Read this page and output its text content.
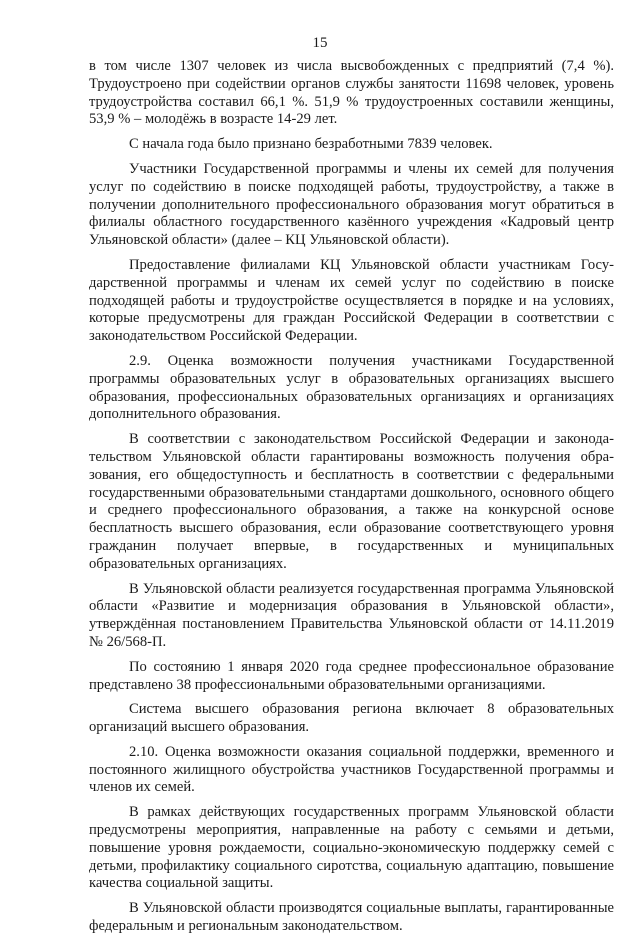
15

в том числе 1307 человек из числа высвобожденных с предприятий (7,4 %). Трудоустроено при содействии органов службы занятости 11698 человек, уровень трудоустройства составил 66,1 %. 51,9 % трудоустроенных составили женщины, 53,9 % – молодёжь в возрасте 14-29 лет.

С начала года было признано безработными 7839 человек.

Участники Государственной программы и члены их семей для получения услуг по содействию в поиске подходящей работы, трудоустройству, а также в получении дополнительного профессионального образования могут обратиться в филиалы областного государственного казённого учреждения «Кадровый центр Ульяновской области» (далее – КЦ Ульяновской области).

Предоставление филиалами КЦ Ульяновской области участникам Государственной программы и членам их семей услуг по содействию в поиске подходящей работы и трудоустройстве осуществляется в порядке и на условиях, которые предусмотрены для граждан Российской Федерации в соответствии с законодательством Российской Федерации.

2.9. Оценка возможности получения участниками Государственной программы образовательных услуг в образовательных организациях высшего образования, профессиональных образовательных организациях и организациях дополнительного образования.

В соответствии с законодательством Российской Федерации и законодательством Ульяновской области гарантированы возможность получения образования, его общедоступность и бесплатность в соответствии с федеральными государственными образовательными стандартами дошкольного, основного общего и среднего профессионального образования, а также на конкурсной основе бесплатность высшего образования, если образование соответствующего уровня гражданин получает впервые, в государственных и муниципальных образовательных организациях.

В Ульяновской области реализуется государственная программа Ульяновской области «Развитие и модернизация образования в Ульяновской области», утверждённая постановлением Правительства Ульяновской области от 14.11.2019 № 26/568-П.

По состоянию 1 января 2020 года среднее профессиональное образование представлено 38 профессиональными образовательными организациями.

Система высшего образования региона включает 8 образовательных организаций высшего образования.

2.10. Оценка возможности оказания социальной поддержки, временного и постоянного жилищного обустройства участников Государственной программы и членов их семей.

В рамках действующих государственных программ Ульяновской области предусмотрены мероприятия, направленные на работу с семьями и детьми, повышение уровня рождаемости, социально-экономическую поддержку семей с детьми, профилактику социального сиротства, социальную адаптацию, повышение качества социальной защиты.

В Ульяновской области производятся социальные выплаты, гарантированные федеральным и региональным законодательством.
